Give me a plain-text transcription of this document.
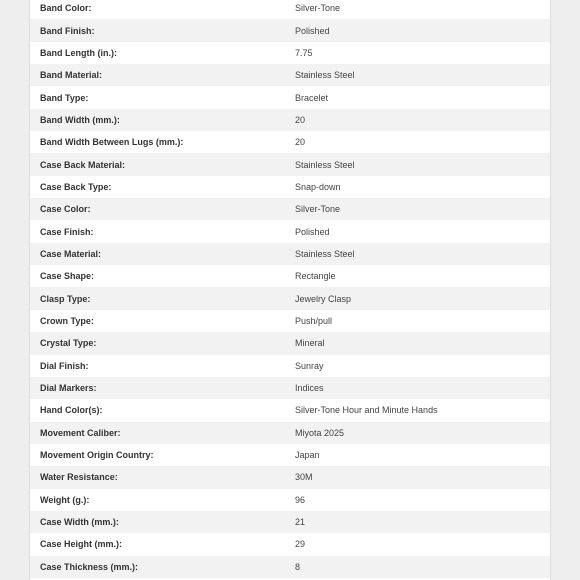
Band Color:	Silver-Tone
Band Finish:	Polished
Band Length (in.):	7.75
Band Material:	Stainless Steel
Band Type:	Bracelet
Band Width (mm.):	20
Band Width Between Lugs (mm.):	20
Case Back Material:	Stainless Steel
Case Back Type:	Snap-down
Case Color:	Silver-Tone
Case Finish:	Polished
Case Material:	Stainless Steel
Case Shape:	Rectangle
Clasp Type:	Jewelry Clasp
Crown Type:	Push/pull
Crystal Type:	Mineral
Dial Finish:	Sunray
Dial Markers:	Indices
Hand Color(s):	Silver-Tone Hour and Minute Hands
Movement Caliber:	Miyota 2025
Movement Origin Country:	Japan
Water Resistance:	30M
Weight (g.):	96
Case Width (mm.):	21
Case Height (mm.):	29
Case Thickness (mm.):	8
